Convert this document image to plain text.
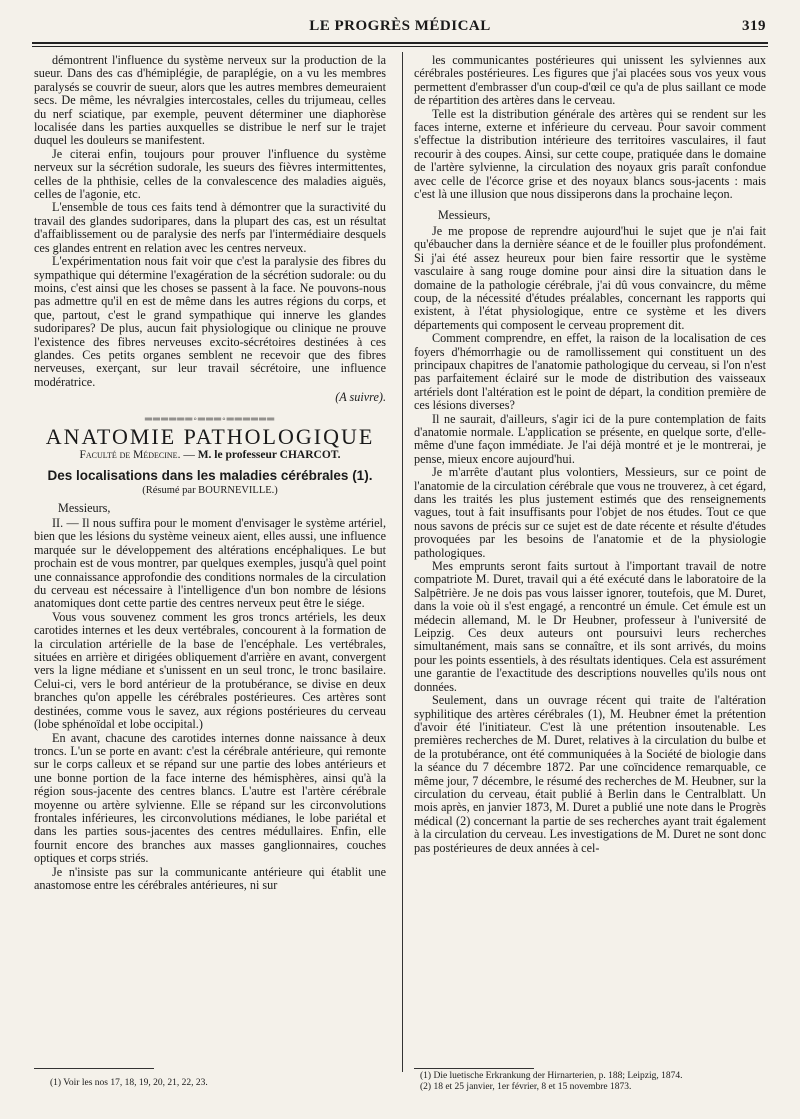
LE PROGRÈS MÉDICAL	319

démontrent l'influence du système nerveux sur la production de la sueur. Dans des cas d'hémiplégie, de paraplégie, on a vu les membres paralysés se couvrir de sueur, alors que les autres membres demeuraient secs. De même, les névralgies intercostales, celles du trijumeau, celles du nerf sciatique, par exemple, peuvent déterminer une diaphorèse localisée dans les parties auxquelles se distribue le nerf sur le trajet duquel les douleurs se manifestent.

Je citerai enfin, toujours pour prouver l'influence du système nerveux sur la sécrétion sudorale, les sueurs des fièvres intermittentes, celles de la phthisie, celles de la convalescence des maladies aiguës, celles de l'agonie, etc.

L'ensemble de tous ces faits tend à démontrer que la suractivité du travail des glandes sudoripares, dans la plupart des cas, est un résultat d'affaiblissement ou de paralysie des nerfs par l'intermédiaire desquels ces glandes entrent en relation avec les centres nerveux.

L'expérimentation nous fait voir que c'est la paralysie des fibres du sympathique qui détermine l'exagération de la sécrétion sudorale: ou du moins, c'est ainsi que les choses se passent à la face. Ne pouvons-nous pas admettre qu'il en est de même dans les autres régions du corps, et que, partout, c'est le grand sympathique qui innerve les glandes sudoripares? De plus, aucun fait physiologique ou clinique ne prouve l'existence des fibres nerveuses excito-sécrétoires destinées à ces glandes. Ces petits organes semblent ne recevoir que des fibres nerveuses, exerçant, sur leur travail sécrétoire, une influence modératrice.

(A suivre).
══════◦═══◦══════
ANATOMIE PATHOLOGIQUE
Faculté de Médecine. — M. le professeur CHARCOT.
Des localisations dans les maladies cérébrales (1).
(Résumé par BOURNEVILLE.)

Messieurs,

II. — Il nous suffira pour le moment d'envisager le système artériel, bien que les lésions du système veineux aient, elles aussi, une influence marquée sur le développement des altérations encéphaliques. Le but prochain est de vous montrer, par quelques exemples, jusqu'à quel point une connaissance approfondie des conditions normales de la circulation du cerveau est nécessaire à l'intelligence d'un bon nombre de lésions anatomiques dont cette partie des centres nerveux peut être le siége.

Vous vous souvenez comment les gros troncs artériels, les deux carotides internes et les deux vertébrales, concourent à la formation de la circulation artérielle de la base de l'encéphale. Les vertébrales, situées en arrière et dirigées obliquement d'arrière en avant, convergent vers la ligne médiane et s'unissent en un seul tronc, le tronc basilaire. Celui-ci, vers le bord antérieur de la protubérance, se divise en deux branches qu'on appelle les cérébrales postérieures. Ces artères sont destinées, comme vous le savez, aux régions postérieures du cerveau (lobe sphénoïdal et lobe occipital.)

En avant, chacune des carotides internes donne naissance à deux troncs. L'un se porte en avant: c'est la cérébrale antérieure, qui remonte sur le corps calleux et se répand sur une partie des lobes antérieurs et une bonne portion de la face interne des hémisphères, ainsi qu'à la région sous-jacente des centres blancs. L'autre est l'artère cérébrale moyenne ou artère sylvienne. Elle se répand sur les circonvolutions frontales inférieures, les circonvolutions médianes, le lobe pariétal et dans les parties sous-jacentes des centres médullaires. Enfin, elle fournit encore des branches aux masses ganglionnaires, couches optiques et corps striés.

Je n'insiste pas sur la communicante antérieure qui établit une anastomose entre les cérébrales antérieures, ni sur

les communicantes postérieures qui unissent les sylviennes aux cérébrales postérieures. Les figures que j'ai placées sous vos yeux vous permettent d'embrasser d'un coup-d'œil ce qu'a de plus saillant ce mode de répartition des artères dans le cerveau.

Telle est la distribution générale des artères qui se rendent sur les faces interne, externe et inférieure du cerveau. Pour savoir comment s'effectue la distribution intérieure des territoires vasculaires, il faut recourir à des coupes. Ainsi, sur cette coupe, pratiquée dans le domaine de l'artère sylvienne, la circulation des noyaux gris paraît confondue avec celle de l'écorce grise et des noyaux blancs sous-jacents : mais c'est là une illusion que nous dissiperons dans la prochaine leçon.

Messieurs,

Je me propose de reprendre aujourd'hui le sujet que je n'ai fait qu'ébaucher dans la dernière séance et de le fouiller plus profondément. Si j'ai été assez heureux pour bien faire ressortir que le système vasculaire à sang rouge domine pour ainsi dire la situation dans le domaine de la pathologie cérébrale, j'ai dû vous convaincre, du même coup, de la nécessité d'études préalables, concernant les rapports qui existent, à l'état physiologique, entre ce système et les divers départements qui composent le cerveau proprement dit.

Comment comprendre, en effet, la raison de la localisation de ces foyers d'hémorrhagie ou de ramollissement qui constituent un des principaux chapitres de l'anatomie pathologique du cerveau, si l'on n'est pas parfaitement éclairé sur le mode de distribution des vaisseaux artériels dont l'altération est le point de départ, la condition première de ces lésions diverses?

Il ne saurait, d'ailleurs, s'agir ici de la pure contemplation de faits d'anatomie normale. L'application se présente, en quelque sorte, d'elle-même d'une façon immédiate. Je l'ai déjà montré et je le montrerai, je pense, mieux encore aujourd'hui.

Je m'arrête d'autant plus volontiers, Messieurs, sur ce point de l'anatomie de la circulation cérébrale que vous ne trouverez, à cet égard, dans les traités les plus justement estimés que des renseignements vagues, tout à fait insuffisants pour l'objet de nos études. Tout ce que nous savons de précis sur ce sujet est de date récente et résulte d'études provoquées par les besoins de l'anatomie et de la physiologie pathologiques.

Mes emprunts seront faits surtout à l'important travail de notre compatriote M. Duret, travail qui a été exécuté dans le laboratoire de la Salpêtrière. Je ne dois pas vous laisser ignorer, toutefois, que M. Duret, dans la voie où il s'est engagé, a rencontré un émule. Cet émule est un médecin allemand, M. le Dr Heubner, professeur à l'université de Leipzig. Ces deux auteurs ont poursuivi leurs recherches simultanément, mais sans se connaître, et ils sont arrivés, du moins pour les points essentiels, à des résultats identiques. Cela est assurément une garantie de l'exactitude des descriptions nouvelles qu'ils nous ont données.

Seulement, dans un ouvrage récent qui traite de l'altération syphilitique des artères cérébrales (1), M. Heubner émet la prétention d'avoir été l'initiateur. C'est là une prétention insoutenable. Les premières recherches de M. Duret, relatives à la circulation du bulbe et de la protubérance, ont été communiquées à la Société de biologie dans la séance du 7 décembre 1872. Par une coïncidence remarquable, ce même jour, 7 décembre, le résumé des recherches de M. Heubner, sur la circulation du cerveau, était publié à Berlin dans le Centralblatt. Un mois après, en janvier 1873, M. Duret a publié une note dans le Progrès médical (2) concernant la partie de ses recherches ayant trait également à la circulation du cerveau. Les investigations de M. Duret ne sont donc pas postérieures de deux années à cel-

(1) Voir les nos 17, 18, 19, 20, 21, 22, 23.
(1) Die luetische Erkrankung der Hirnarterien, p. 188; Leipzig, 1874.
(2) 18 et 25 janvier, 1er février, 8 et 15 novembre 1873.
